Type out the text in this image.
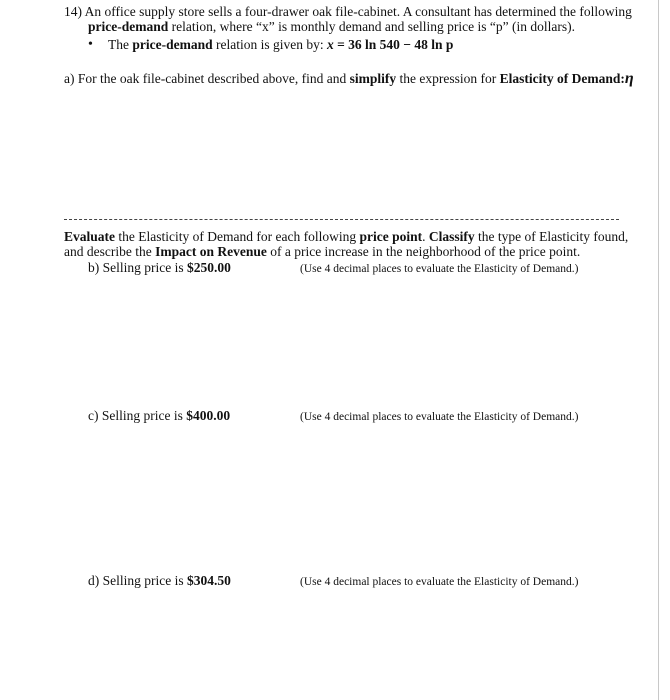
14) An office supply store sells a four-drawer oak file-cabinet. A consultant has determined the following
price-demand relation, where “x” is monthly demand and selling price is “p” (in dollars).
• The price-demand relation is given by: x = 36 ln 540 − 48 ln p
a) For the oak file-cabinet described above, find and simplify the expression for Elasticity of Demand:η
Evaluate the Elasticity of Demand for each following price point. Classify the type of Elasticity found,
and describe the Impact on Revenue of a price increase in the neighborhood of the price point.
b) Selling price is $250.00	(Use 4 decimal places to evaluate the Elasticity of Demand.)
c) Selling price is $400.00	(Use 4 decimal places to evaluate the Elasticity of Demand.)
d) Selling price is $304.50	(Use 4 decimal places to evaluate the Elasticity of Demand.)
